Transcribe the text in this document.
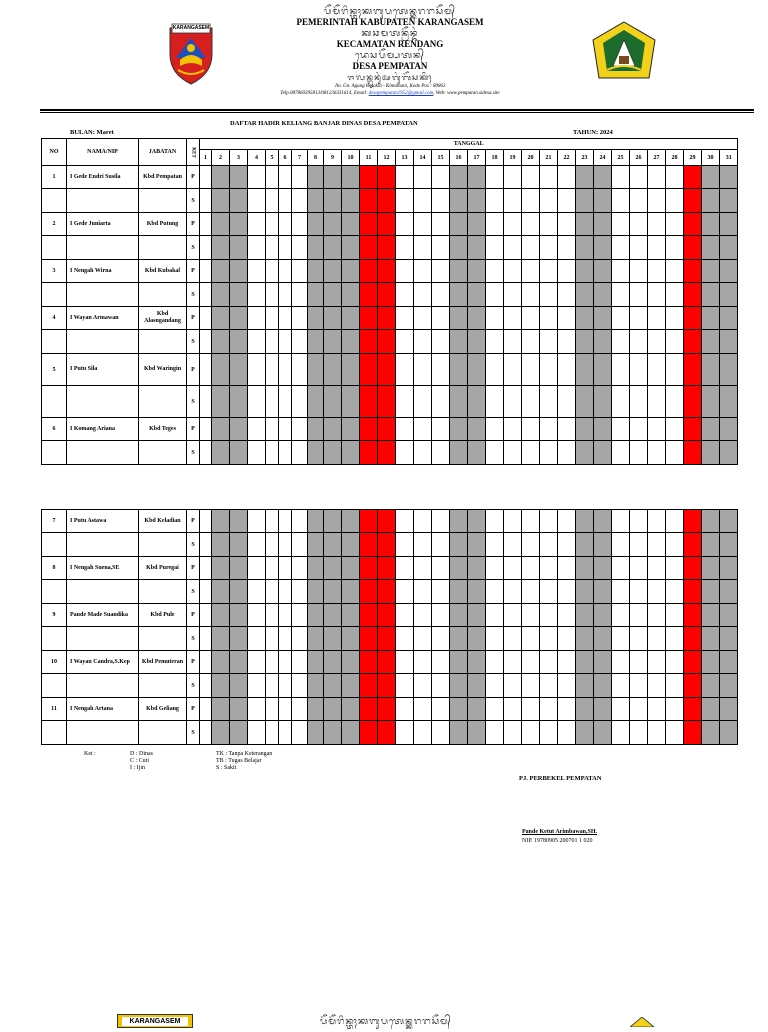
KARANGASEM
ᬧᭂᬫᭂᬭᬶᬦ᭄ᬢᬄᬓᬩᬸᬧᬢᬾᬦ᭄ᬓᬭᬗᬲᭂᬫ᭄
PEMERINTAH KABUPATEN KARANGASEM
ᬓᬘᬫᬢᬦ᭄ᬭᭂᬦ᭄ᬤᬂ
KECAMATAN RENDANG
ᬤᬾᬲᬧᭂᬫ᭄ᬧᬢᬦ᭄
DESA PEMPATAN
ᬚᬮᬦ᭄ᬕᬸᬦᬸᬂᬅᬕᬸᬂᬩᭂᬲᬓᬶᬄ
Jln. Gn. Agung Besakih - Kintamani, Kode Pos : 80863
Telp.087860395813/081236331614, Email: desapempatan1952@gmail.com, Web: www.pempatan.sidesa.site
DAFTAR HADIR KELIANG BANJAR DINAS DESA PEMPATAN
BULAN: Maret	TAHUN: 2024
NO	NAMA/NIP	JABATAN	KET	TANGGAL																														
				1	2	3	4	5	6	7	8	9	10	11	12	13	14	15	16	17	18	19	20	21	22	23	24	25	26	27	28	29	30	31
1	I Gede Endri Susila	Kbd Pempatan	P																															
			S																															
2	I Gede Juniarta	Kbd Putung	P																															
			S																															
3	I Nengah Wirna	Kbd Kubakal	P																															
			S																															
4	I Wayan Armawan	Kbd Alasngandang	P																															
			S																															
5	I Putu Sila	Kbd Waringin	P																															
			S																															
6	I Komang Ariana	Kbd Teges	P																															
			S																															
7	I Putu Astawa	Kbd Keladian	P																															
			S																															
8	I Nengah Suena,SE	Kbd Puregai	P																															
			S																															
9	Pande Made Suandika	Kbd Pule	P																															
			S																															
10	I Wayan Candra,S.Kep	Kbd Pemuteran	P																															
			S																															
11	I Nengah Artana	Kbd Geliang	P																															
			S																															
Ket :	D : Dinas
C : Cuti
I : Ijin
TK : Tanpa Keterangan
TB : Tugas Belajar
S : Sakit
PJ. PERBEKEL PEMPATAN
Pande Ketut Arimbawan,SH.
NIP. 19780905 200701 1 020
KARANGASEM	ᬧᭂᬫᭂᬭᬶᬦ᭄ᬢᬄᬓᬩᬸᬧᬢᬾᬦ᭄ᬓᬭᬗᬲᭂᬫ᭄
